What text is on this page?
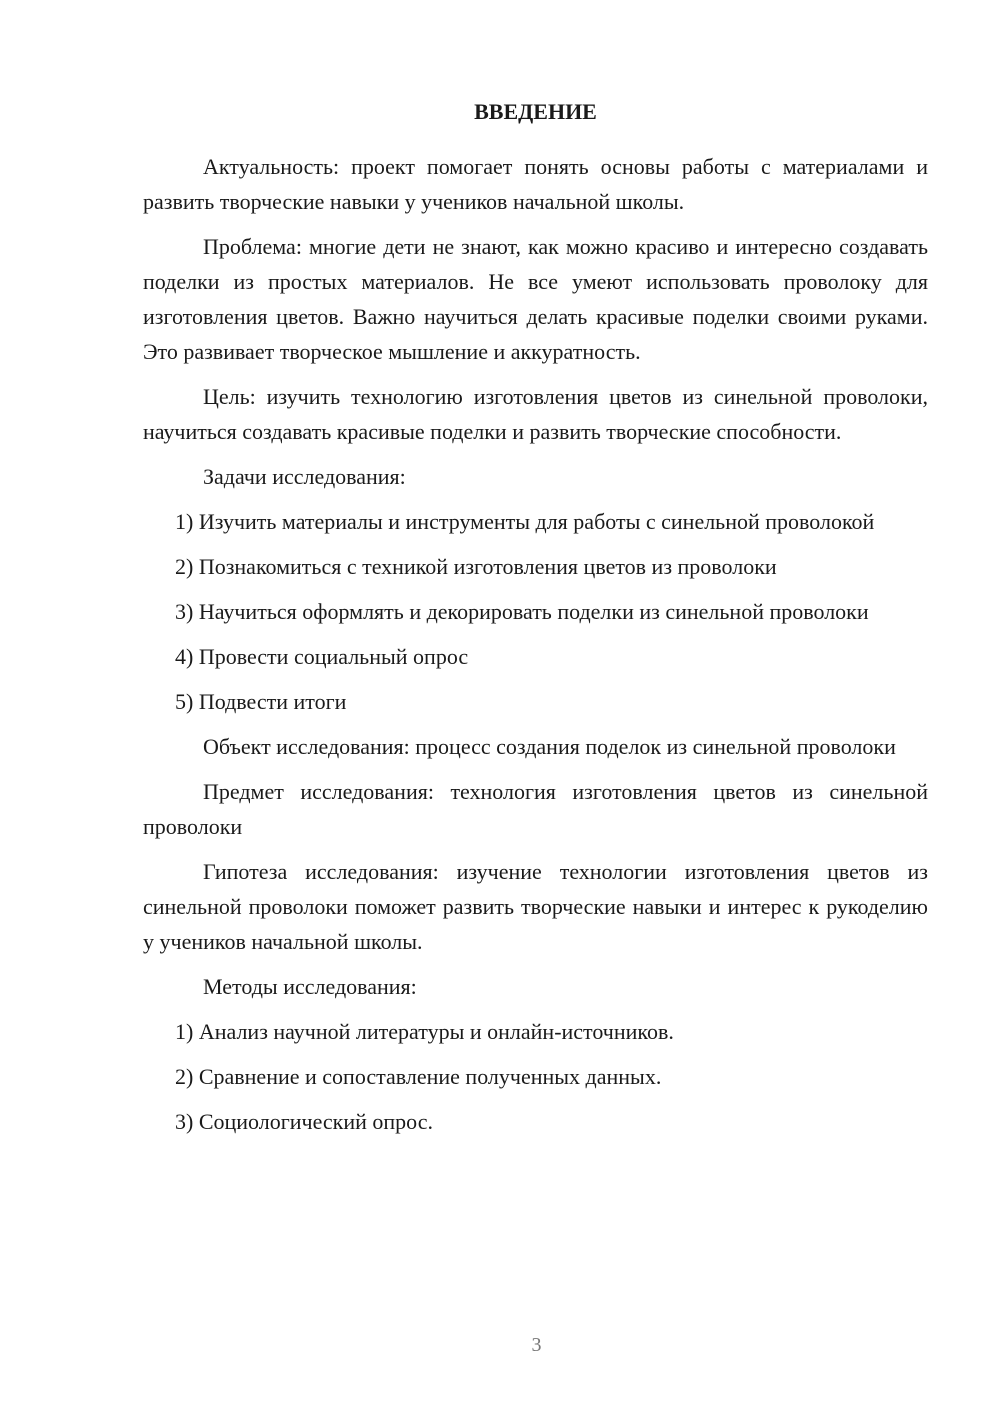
ВВЕДЕНИЕ

Актуальность: проект помогает понять основы работы с материалами и развить творческие навыки у учеников начальной школы.

Проблема: многие дети не знают, как можно красиво и интересно создавать поделки из простых материалов. Не все умеют использовать проволоку для изготовления цветов. Важно научиться делать красивые поделки своими руками. Это развивает творческое мышление и аккуратность.

Цель: изучить технологию изготовления цветов из синельной проволоки, научиться создавать красивые поделки и развить творческие способности.

Задачи исследования:

1) Изучить материалы и инструменты для работы с синельной проволокой

2) Познакомиться с техникой изготовления цветов из проволоки

3) Научиться оформлять и декорировать поделки из синельной проволоки

4) Провести социальный опрос

5) Подвести итоги

Объект исследования: процесс создания поделок из синельной проволоки

Предмет исследования: технология изготовления цветов из синельной проволоки

Гипотеза исследования: изучение технологии изготовления цветов из синельной проволоки поможет развить творческие навыки и интерес к рукоделию у учеников начальной школы.

Методы исследования:

1) Анализ научной литературы и онлайн-источников.

2) Сравнение и сопоставление полученных данных.

3) Социологический опрос.

3
